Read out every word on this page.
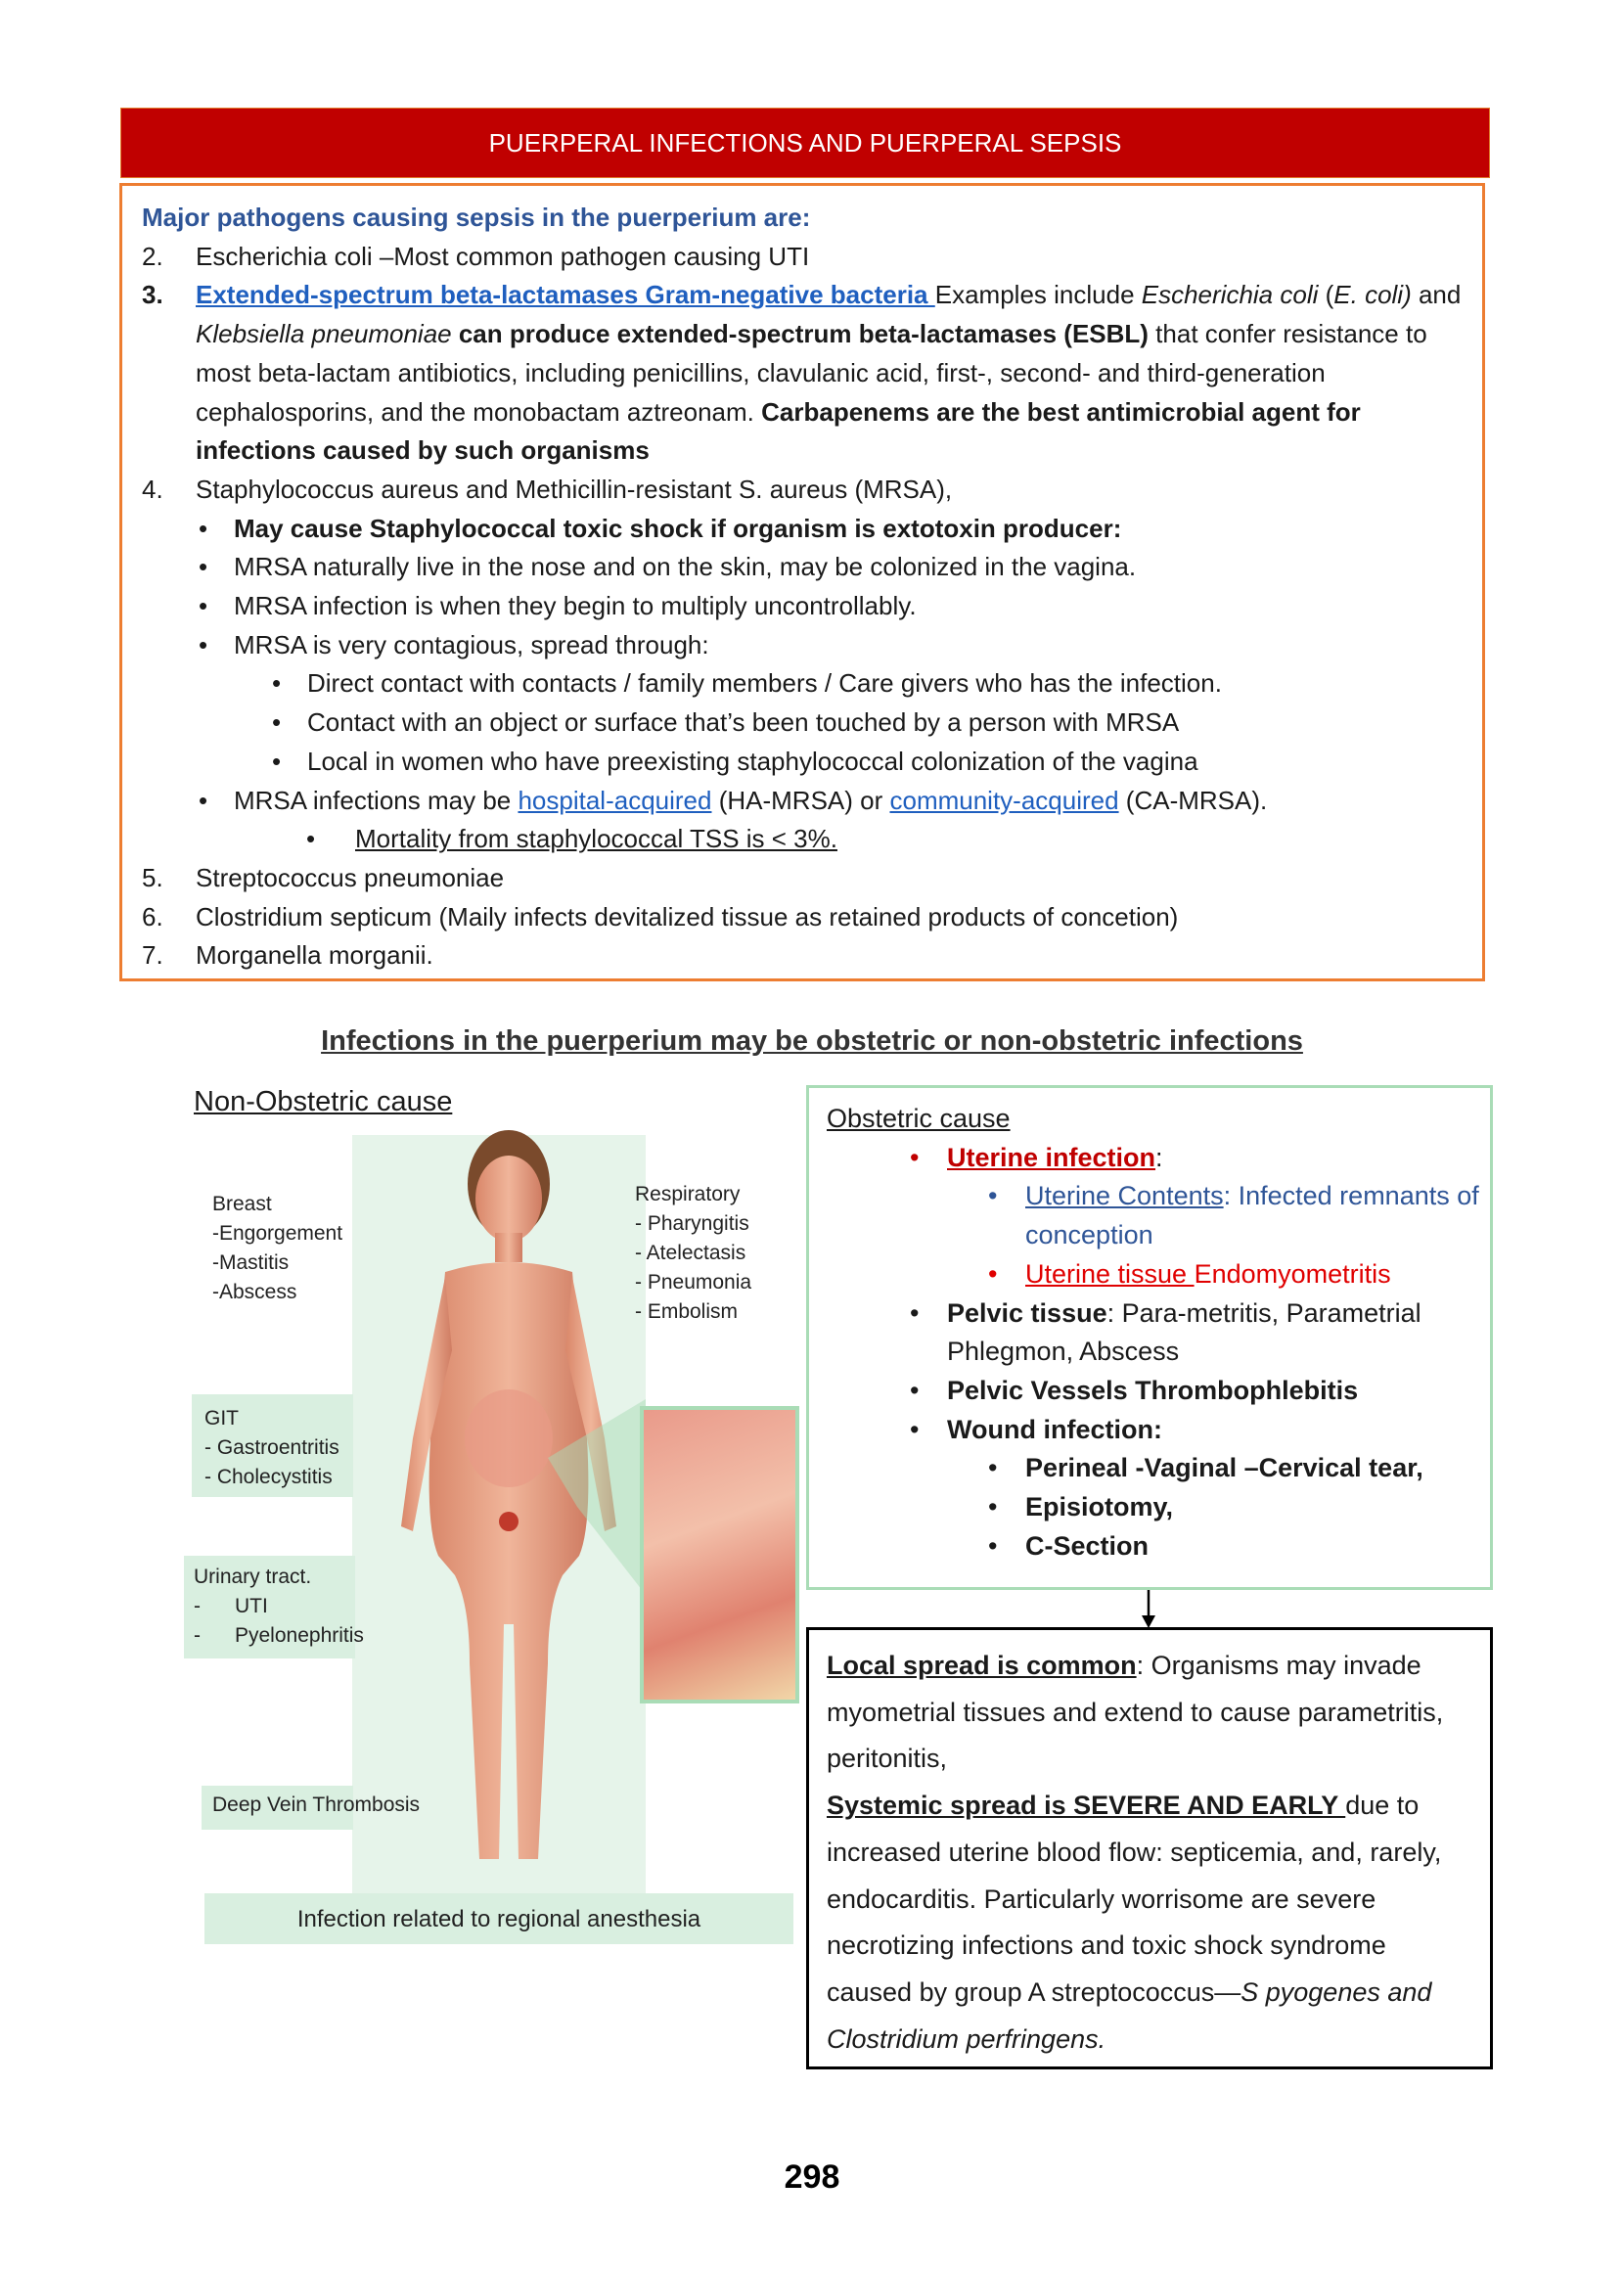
PUERPERAL INFECTIONS AND PUERPERAL SEPSIS
Major pathogens causing sepsis in the puerperium are:
2.	Escherichia coli –Most common pathogen causing UTI
3.	Extended-spectrum beta-lactamases Gram-negative bacteria Examples include Escherichia coli (E. coli) and Klebsiella pneumoniae can produce extended-spectrum beta-lactamases (ESBL) that confer resistance to most beta-lactam antibiotics, including penicillins, clavulanic acid, first-, second- and third-generation cephalosporins, and the monobactam aztreonam. Carbapenems are the best antimicrobial agent for infections caused by such organisms
4.	Staphylococcus aureus and Methicillin-resistant S. aureus (MRSA),
•	May cause Staphylococcal toxic shock if organism is extotoxin producer:
•	MRSA naturally live in the nose and on the skin, may be colonized in the vagina.
•	MRSA infection is when they begin to multiply uncontrollably.
•	MRSA is very contagious, spread through:
•	Direct contact with contacts / family members / Care givers who has the infection.
•	Contact with an object or surface that’s been touched by a person with MRSA
•	Local in women who have preexisting staphylococcal colonization of the vagina
•	MRSA infections may be hospital-acquired (HA-MRSA) or community-acquired (CA-MRSA).
•	Mortality from staphylococcal TSS is < 3%.
5.	Streptococcus pneumoniae
6.	Clostridium septicum (Maily infects devitalized tissue as retained products of concetion)
7.	Morganella morganii.
Infections in the puerperium may be obstetric or non-obstetric infections
Non-Obstetric cause
Breast
-Engorgement
-Mastitis
-Abscess
Respiratory
- Pharyngitis
- Atelectasis
- Pneumonia
- Embolism
GIT
- Gastroentritis
- Cholecystitis
Urinary tract.
-      UTI
-      Pyelonephritis
Deep Vein Thrombosis
Infection related to regional anesthesia
Obstetric cause
•	Uterine infection:
•	Uterine Contents: Infected remnants of conception
•	Uterine tissue Endomyometritis
•	Pelvic tissue: Para-metritis, Parametrial Phlegmon, Abscess
•	Pelvic Vessels Thrombophlebitis
•	Wound infection:
•	Perineal -Vaginal –Cervical tear,
•	Episiotomy,
•	C-Section
Local spread is common: Organisms may invade myometrial tissues and extend to cause parametritis, peritonitis,
Systemic spread is SEVERE AND EARLY due to increased uterine blood flow: septicemia, and, rarely, endocarditis. Particularly worrisome are severe necrotizing infections and toxic shock syndrome caused by group A streptococcus—S pyogenes and Clostridium perfringens.
298
